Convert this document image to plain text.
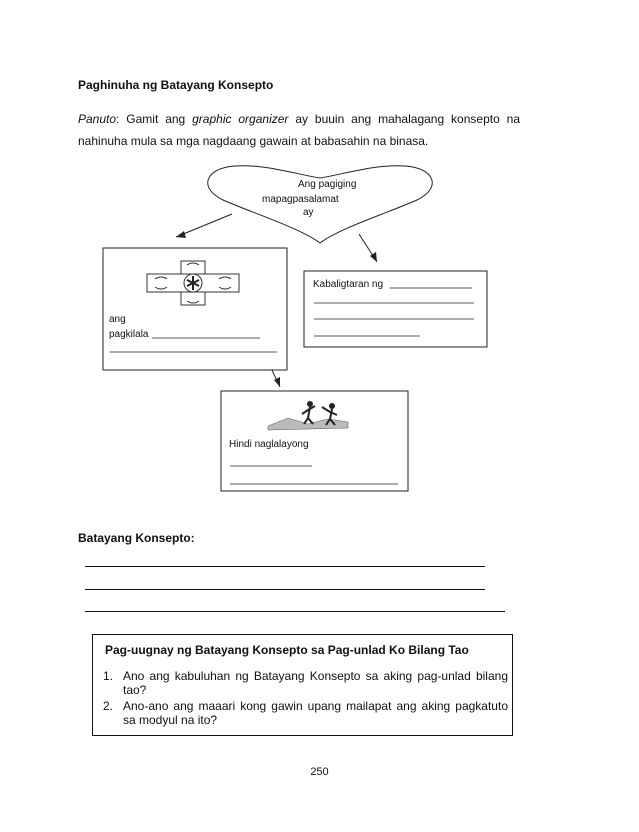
Paghinuha ng Batayang Konsepto
Panuto: Gamit ang graphic organizer ay buuin ang mahalagang konsepto na nahinuha mula sa mga nagdaang gawain at babasahin na binasa.
Ang pagiging
mapagpasalamat
ay
ang
pagkilala
Kabaligtaran ng
Hindi naglalayong
Batayang Konsepto:
Pag-uugnay ng Batayang Konsepto sa Pag-unlad Ko Bilang Tao
1. Ano ang kabuluhan ng Batayang Konsepto sa aking pag-unlad bilang tao?
2. Ano-ano ang maaari kong gawin upang mailapat ang aking pagkatuto sa modyul na ito?
250
